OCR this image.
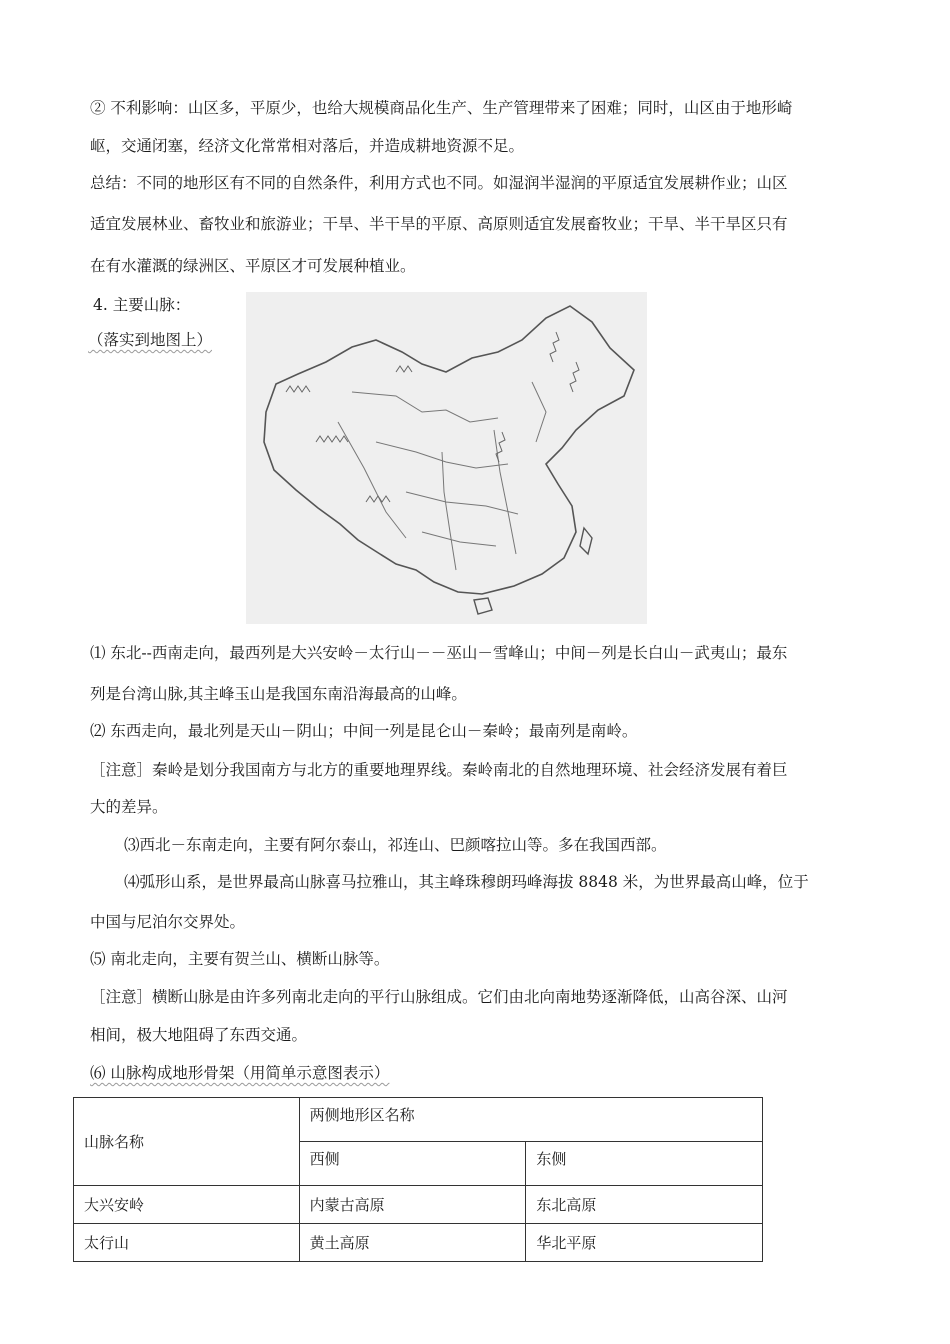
② 不利影响：山区多，平原少，也给大规模商品化生产、生产管理带来了困难；同时，山区由于地形崎
岖，交通闭塞，经济文化常常相对落后，并造成耕地资源不足。
总结：不同的地形区有不同的自然条件，利用方式也不同。如湿润半湿润的平原适宜发展耕作业；山区
适宜发展林业、畜牧业和旅游业；干旱、半干旱的平原、高原则适宜发展畜牧业；干旱、半干旱区只有
在有水灌溉的绿洲区、平原区才可发展种植业。
4. 主要山脉：
（落实到地图上）
⑴ 东北--西南走向，最西列是大兴安岭－太行山－－巫山－雪峰山；中间－列是长白山－武夷山；最东
列是台湾山脉,其主峰玉山是我国东南沿海最高的山峰。
⑵ 东西走向，最北列是天山－阴山；中间一列是昆仑山－秦岭；最南列是南岭。
［注意］秦岭是划分我国南方与北方的重要地理界线。秦岭南北的自然地理环境、社会经济发展有着巨
大的差异。
⑶西北－东南走向，主要有阿尔泰山，祁连山、巴颜喀拉山等。多在我国西部。
⑷弧形山系，是世界最高山脉喜马拉雅山，其主峰珠穆朗玛峰海拔 8848 米，为世界最高山峰，位于
中国与尼泊尔交界处。
⑸ 南北走向，主要有贺兰山、横断山脉等。
［注意］横断山脉是由许多列南北走向的平行山脉组成。它们由北向南地势逐渐降低，山高谷深、山河
相间，极大地阻碍了东西交通。
⑹ 山脉构成地形骨架（用简单示意图表示）
山脉名称	两侧地形区名称	
	西侧	东侧
大兴安岭	内蒙古高原	东北高原
太行山	黄土高原	华北平原
